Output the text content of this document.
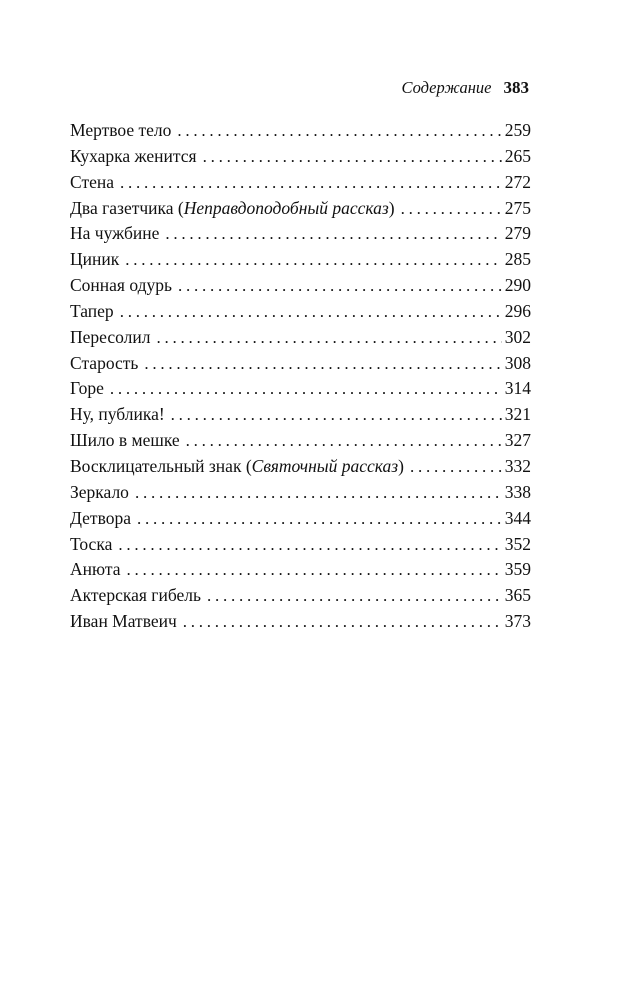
Содержание 383
Мертвое тело . . .	259
Кухарка женится . . .	265
Стена . . .	272
Два газетчика (Неправдоподобный рассказ) . . .	275
На чужбине . . .	279
Циник . . .	285
Сонная одурь . . .	290
Тапер . . .	296
Пересолил . . .	302
Старость . . .	308
Горе . . .	314
Ну, публика! . . .	321
Шило в мешке . . .	327
Восклицательный знак (Святочный рассказ) . . .	332
Зеркало . . .	338
Детвора . . .	344
Тоска . . .	352
Анюта . . .	359
Актерская гибель . . .	365
Иван Матвеич . . .	373
